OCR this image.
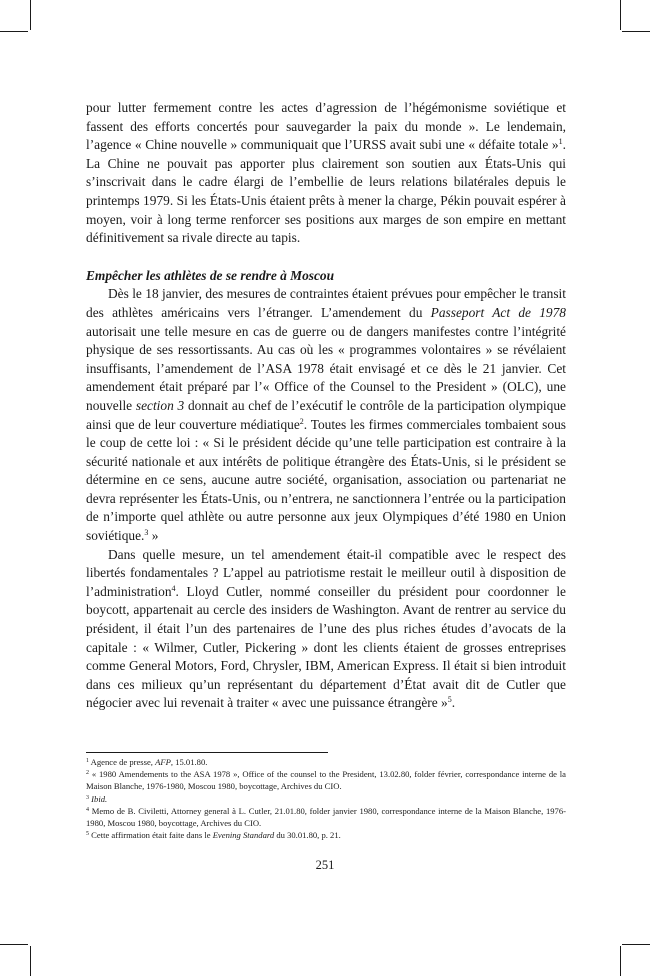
pour lutter fermement contre les actes d’agression de l’hégémonisme soviétique et fassent des efforts concertés pour sauvegarder la paix du monde ». Le lendemain, l’agence « Chine nouvelle » communiquait que l’URSS avait subi une « défaite totale »$^1$. La Chine ne pouvait pas apporter plus clairement son soutien aux États-Unis qui s’inscrivait dans le cadre élargi de l’embellie de leurs relations bilatérales depuis le printemps 1979. Si les États-Unis étaient prêts à mener la charge, Pékin pouvait espérer à moyen, voir à long terme renforcer ses positions aux marges de son empire en mettant définitivement sa rivale directe au tapis.

Empêcher les athlètes de se rendre à Moscou

Dès le 18 janvier, des mesures de contraintes étaient prévues pour empêcher le transit des athlètes américains vers l’étranger. L’amendement du Passeport Act de 1978 autorisait une telle mesure en cas de guerre ou de dangers manifestes contre l’intégrité physique de ses ressortissants. Au cas où les « programmes volontaires » se révélaient insuffisants, l’amendement de l’ASA 1978 était envisagé et ce dès le 21 janvier. Cet amendement était préparé par l’« Office of the Counsel to the President » (OLC), une nouvelle section 3 donnait au chef de l’exécutif le contrôle de la participation olympique ainsi que de leur couverture médiatique$^2$. Toutes les firmes commerciales tombaient sous le coup de cette loi : « Si le président décide qu’une telle participation est contraire à la sécurité nationale et aux intérêts de politique étrangère des États-Unis, si le président se détermine en ce sens, aucune autre société, organisation, association ou partenariat ne devra représenter les États-Unis, ou n’entrera, ne sanctionnera l’entrée ou la participation de n’importe quel athlète ou autre personne aux jeux Olympiques d’été 1980 en Union soviétique.$^3$ »

Dans quelle mesure, un tel amendement était-il compatible avec le respect des libertés fondamentales ? L’appel au patriotisme restait le meilleur outil à disposition de l’administration$^4$. Lloyd Cutler, nommé conseiller du président pour coordonner le boycott, appartenait au cercle des insiders de Washington. Avant de rentrer au service du président, il était l’un des partenaires de l’une des plus riches études d’avocats de la capitale : « Wilmer, Cutler, Pickering » dont les clients étaient de grosses entreprises comme General Motors, Ford, Chrysler, IBM, American Express. Il était si bien introduit dans ces milieux qu’un représentant du département d’État avait dit de Cutler que négocier avec lui revenait à traiter « avec une puissance étrangère »$^5$.

$^1$ Agence de presse, AFP, 15.01.80.

$^2$ « 1980 Amendements to the ASA 1978 », Office of the counsel to the President, 13.02.80, folder février, correspondance interne de la Maison Blanche, 1976-1980, Moscou 1980, boycottage, Archives du CIO.

$^3$ Ibid.

$^4$ Memo de B. Civiletti, Attorney general à L. Cutler, 21.01.80, folder janvier 1980, correspondance interne de la Maison Blanche, 1976-1980, Moscou 1980, boycottage, Archives du CIO.

$^5$ Cette affirmation était faite dans le Evening Standard du 30.01.80, p. 21.

251
